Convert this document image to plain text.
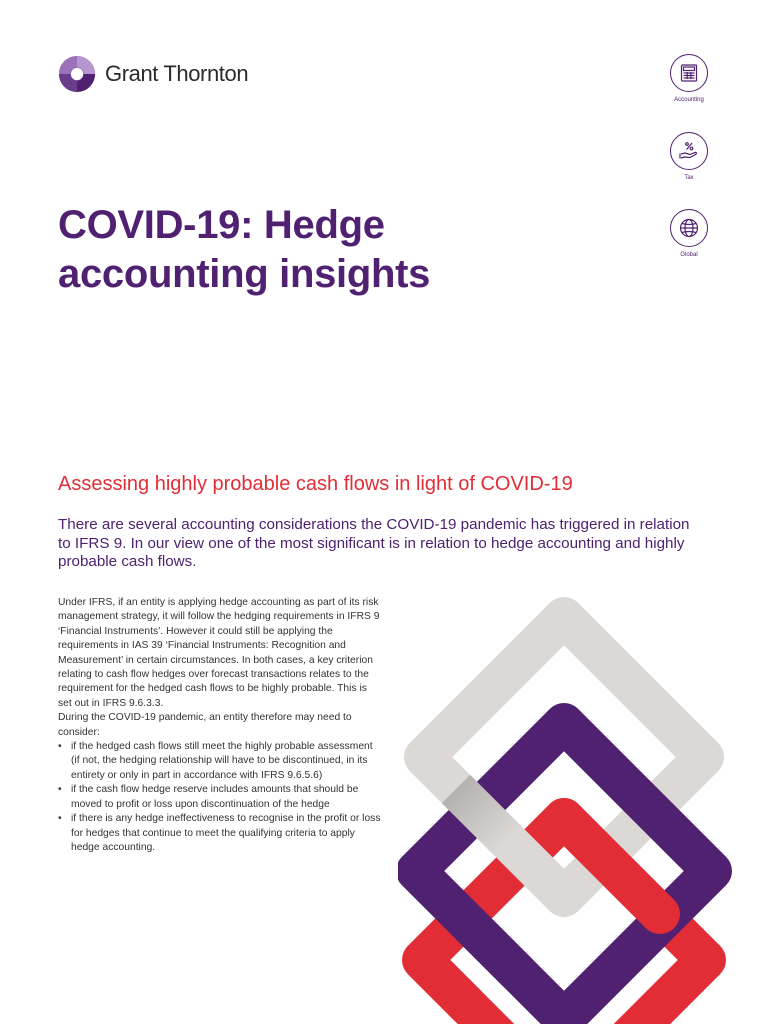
Grant Thornton
Accounting
Tax
Global
COVID-19: Hedge
accounting insights
Assessing highly probable cash flows in light of COVID-19

There are several accounting considerations the COVID-19 pandemic has triggered in relation to IFRS 9. In our view one of the most significant is in relation to hedge accounting and highly probable cash flows.

Under IFRS, if an entity is applying hedge accounting as part of its risk management strategy, it will follow the hedging requirements in IFRS 9 ‘Financial Instruments’. However it could still be applying the requirements in IAS 39 ‘Financial Instruments: Recognition and Measurement’ in certain circumstances. In both cases, a key criterion relating to cash flow hedges over forecast transactions relates to the requirement for the hedged cash flows to be highly probable. This is set out in IFRS 9.6.3.3.

During the COVID-19 pandemic, an entity therefore may need to consider:

• if the hedged cash flows still meet the highly probable assessment (if not, the hedging relationship will have to be discontinued, in its entirety or only in part in accordance with IFRS 9.6.5.6)
• if the cash flow hedge reserve includes amounts that should be moved to profit or loss upon discontinuation of the hedge
• if there is any hedge ineffectiveness to recognise in the profit or loss for hedges that continue to meet the qualifying criteria to apply hedge accounting.
